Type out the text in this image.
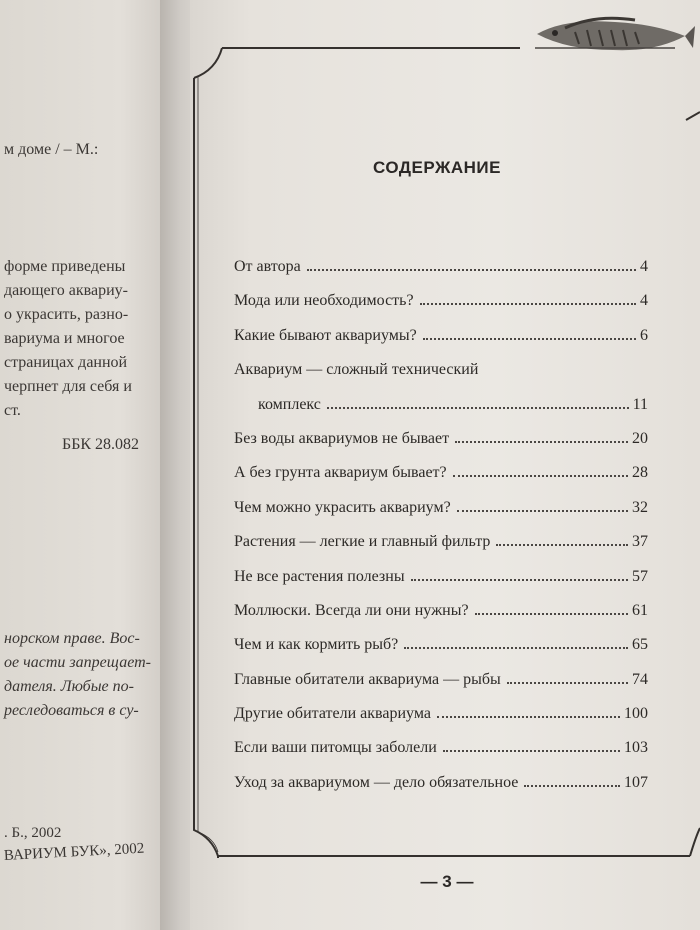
м доме / – М.:
форме приведены
дающего аквариу-
о украсить, разно-
вариума и многое
страницах данной
черпнет для себя и
ст.
ББК 28.082
норском праве. Вос-
ое части запрещает-
дателя. Любые по-
реследоваться в су-
. Б., 2002
ВАРИУМ БУК», 2002
СОДЕРЖАНИЕ
От автора	4
Мода или необходимость?	4
Какие бывают аквариумы?	6
Аквариум — сложный технический
комплекс	11
Без воды аквариумов не бывает	20
А без грунта аквариум бывает?	28
Чем можно украсить аквариум?	32
Растения — легкие и главный фильтр	37
Не все растения полезны	57
Моллюски. Всегда ли они нужны?	61
Чем и как кормить рыб?	65
Главные обитатели аквариума — рыбы	74
Другие обитатели аквариума	100
Если ваши питомцы заболели	103
Уход за аквариумом — дело обязательное	107
— 3 —
